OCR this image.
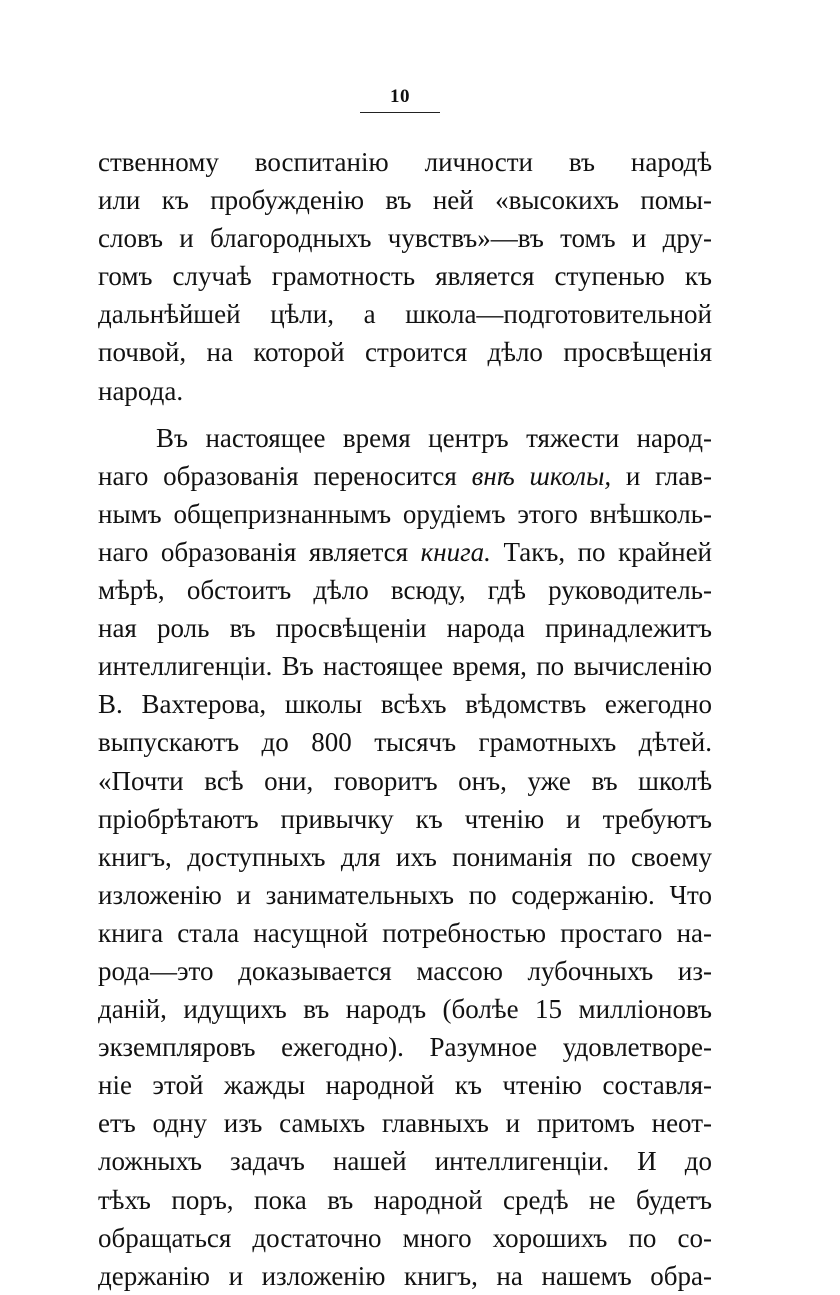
10
ственному воспитанію личности въ народѣ
или къ пробужденію въ ней «высокихъ помы-
словъ и благородныхъ чувствъ»—въ томъ и дру-
гомъ случаѣ грамотность является ступенью къ
дальнѣйшей цѣли, а школа—подготовительной
почвой, на которой строится дѣло просвѣщенія
народа.
Въ настоящее время центръ тяжести народ-
наго образованія переносится внѣ школы, и глав-
нымъ общепризнаннымъ орудіемъ этого внѣшколь-
наго образованія является книга. Такъ, по крайней
мѣрѣ, обстоитъ дѣло всюду, гдѣ руководитель-
ная роль въ просвѣщеніи народа принадлежитъ
интеллигенціи. Въ настоящее время, по вычисленію
В. Вахтерова, школы всѣхъ вѣдомствъ ежегодно
выпускаютъ до 800 тысячъ грамотныхъ дѣтей.
«Почти всѣ они, говоритъ онъ, уже въ школѣ
пріобрѣтаютъ привычку къ чтенію и требуютъ
книгъ, доступныхъ для ихъ пониманія по своему
изложенію и занимательныхъ по содержанію. Что
книга стала насущной потребностью простаго на-
рода—это доказывается массою лубочныхъ из-
даній, идущихъ въ народъ (болѣе 15 милліоновъ
экземпляровъ ежегодно). Разумное удовлетворе-
ніе этой жажды народной къ чтенію составля-
етъ одну изъ самыхъ главныхъ и притомъ неот-
ложныхъ задачъ нашей интеллигенціи. И до
тѣхъ поръ, пока въ народной средѣ не будетъ
обращаться достаточно много хорошихъ по со-
держанію и изложенію книгъ, на нашемъ обра-
